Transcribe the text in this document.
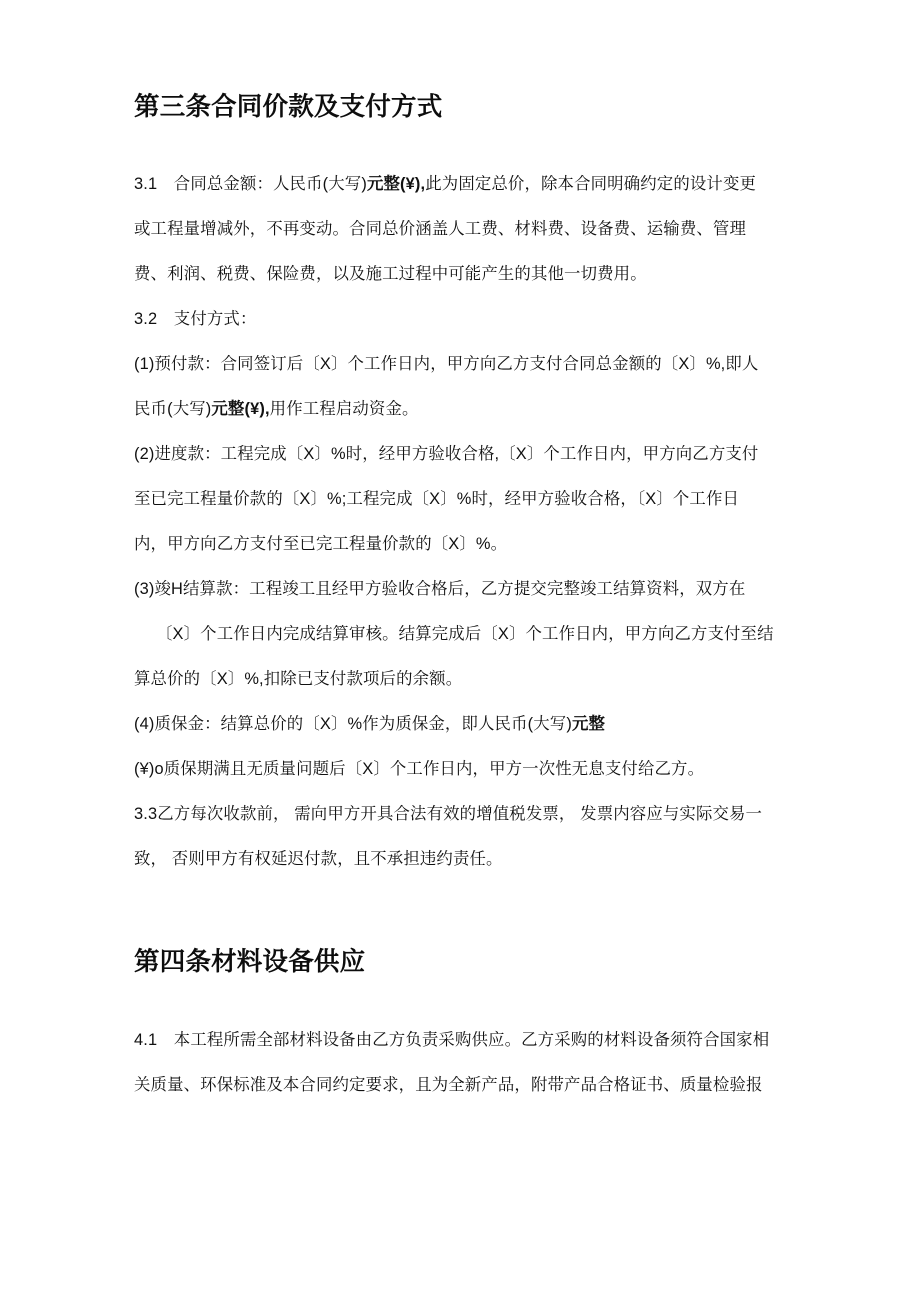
第三条合同价款及支付方式
3.1　合同总金额：人民币(大写)元整(¥),此为固定总价，除本合同明确约定的设计变更
或工程量增减外，不再变动。合同总价涵盖人工费、材料费、设备费、运输费、管理
费、利润、税费、保险费，以及施工过程中可能产生的其他一切费用。
3.2　支付方式：
(1)预付款：合同签订后〔X〕个工作日内，甲方向乙方支付合同总金额的〔X〕%,即人
民币(大写)元整(¥),用作工程启动资金。
(2)进度款：工程完成〔X〕%时，经甲方验收合格,〔X〕个工作日内，甲方向乙方支付
至已完工程量价款的〔X〕%;工程完成〔X〕%时，经甲方验收合格，〔X〕个工作日
内，甲方向乙方支付至已完工程量价款的〔X〕%。
(3)竣H结算款：工程竣工且经甲方验收合格后，乙方提交完整竣工结算资料，双方在
〔X〕个工作日内完成结算审核。结算完成后〔X〕个工作日内，甲方向乙方支付至结
算总价的〔X〕%,扣除已支付款项后的余额。
(4)质保金：结算总价的〔X〕%作为质保金，即人民币(大写)元整
(¥)o质保期满且无质量问题后〔X〕个工作日内，甲方一次性无息支付给乙方。
3.3乙方每次收款前， 需向甲方开具合法有效的增值税发票， 发票内容应与实际交易一
致， 否则甲方有权延迟付款，且不承担违约责任。
第四条材料设备供应
4.1　本工程所需全部材料设备由乙方负责采购供应。乙方采购的材料设备须符合国家相
关质量、环保标准及本合同约定要求，且为全新产品，附带产品合格证书、质量检验报
